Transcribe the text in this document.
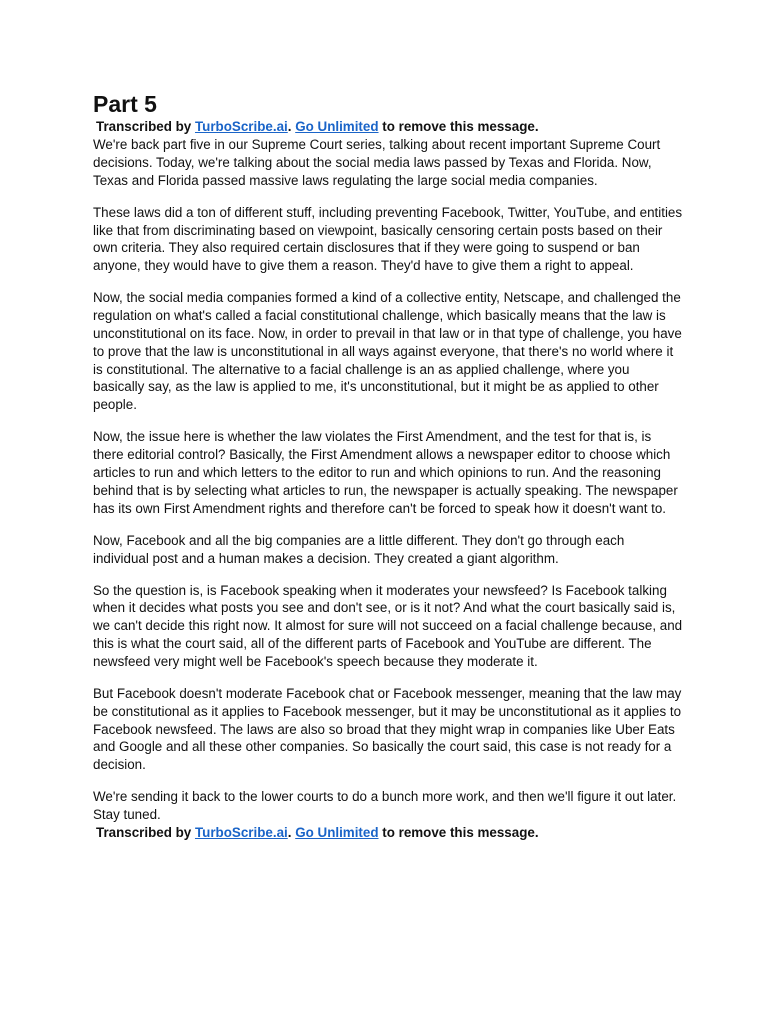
Part 5

Transcribed by TurboScribe.ai. Go Unlimited to remove this message.

We're back part five in our Supreme Court series, talking about recent important Supreme Court decisions. Today, we're talking about the social media laws passed by Texas and Florida. Now, Texas and Florida passed massive laws regulating the large social media companies.

These laws did a ton of different stuff, including preventing Facebook, Twitter, YouTube, and entities like that from discriminating based on viewpoint, basically censoring certain posts based on their own criteria. They also required certain disclosures that if they were going to suspend or ban anyone, they would have to give them a reason. They'd have to give them a right to appeal.

Now, the social media companies formed a kind of a collective entity, Netscape, and challenged the regulation on what's called a facial constitutional challenge, which basically means that the law is unconstitutional on its face. Now, in order to prevail in that law or in that type of challenge, you have to prove that the law is unconstitutional in all ways against everyone, that there's no world where it is constitutional. The alternative to a facial challenge is an as applied challenge, where you basically say, as the law is applied to me, it's unconstitutional, but it might be as applied to other people.

Now, the issue here is whether the law violates the First Amendment, and the test for that is, is there editorial control? Basically, the First Amendment allows a newspaper editor to choose which articles to run and which letters to the editor to run and which opinions to run. And the reasoning behind that is by selecting what articles to run, the newspaper is actually speaking. The newspaper has its own First Amendment rights and therefore can't be forced to speak how it doesn't want to.

Now, Facebook and all the big companies are a little different. They don't go through each individual post and a human makes a decision. They created a giant algorithm.

So the question is, is Facebook speaking when it moderates your newsfeed? Is Facebook talking when it decides what posts you see and don't see, or is it not? And what the court basically said is, we can't decide this right now. It almost for sure will not succeed on a facial challenge because, and this is what the court said, all of the different parts of Facebook and YouTube are different. The newsfeed very might well be Facebook's speech because they moderate it.

But Facebook doesn't moderate Facebook chat or Facebook messenger, meaning that the law may be constitutional as it applies to Facebook messenger, but it may be unconstitutional as it applies to Facebook newsfeed. The laws are also so broad that they might wrap in companies like Uber Eats and Google and all these other companies. So basically the court said, this case is not ready for a decision.

We're sending it back to the lower courts to do a bunch more work, and then we'll figure it out later. Stay tuned.

Transcribed by TurboScribe.ai. Go Unlimited to remove this message.
